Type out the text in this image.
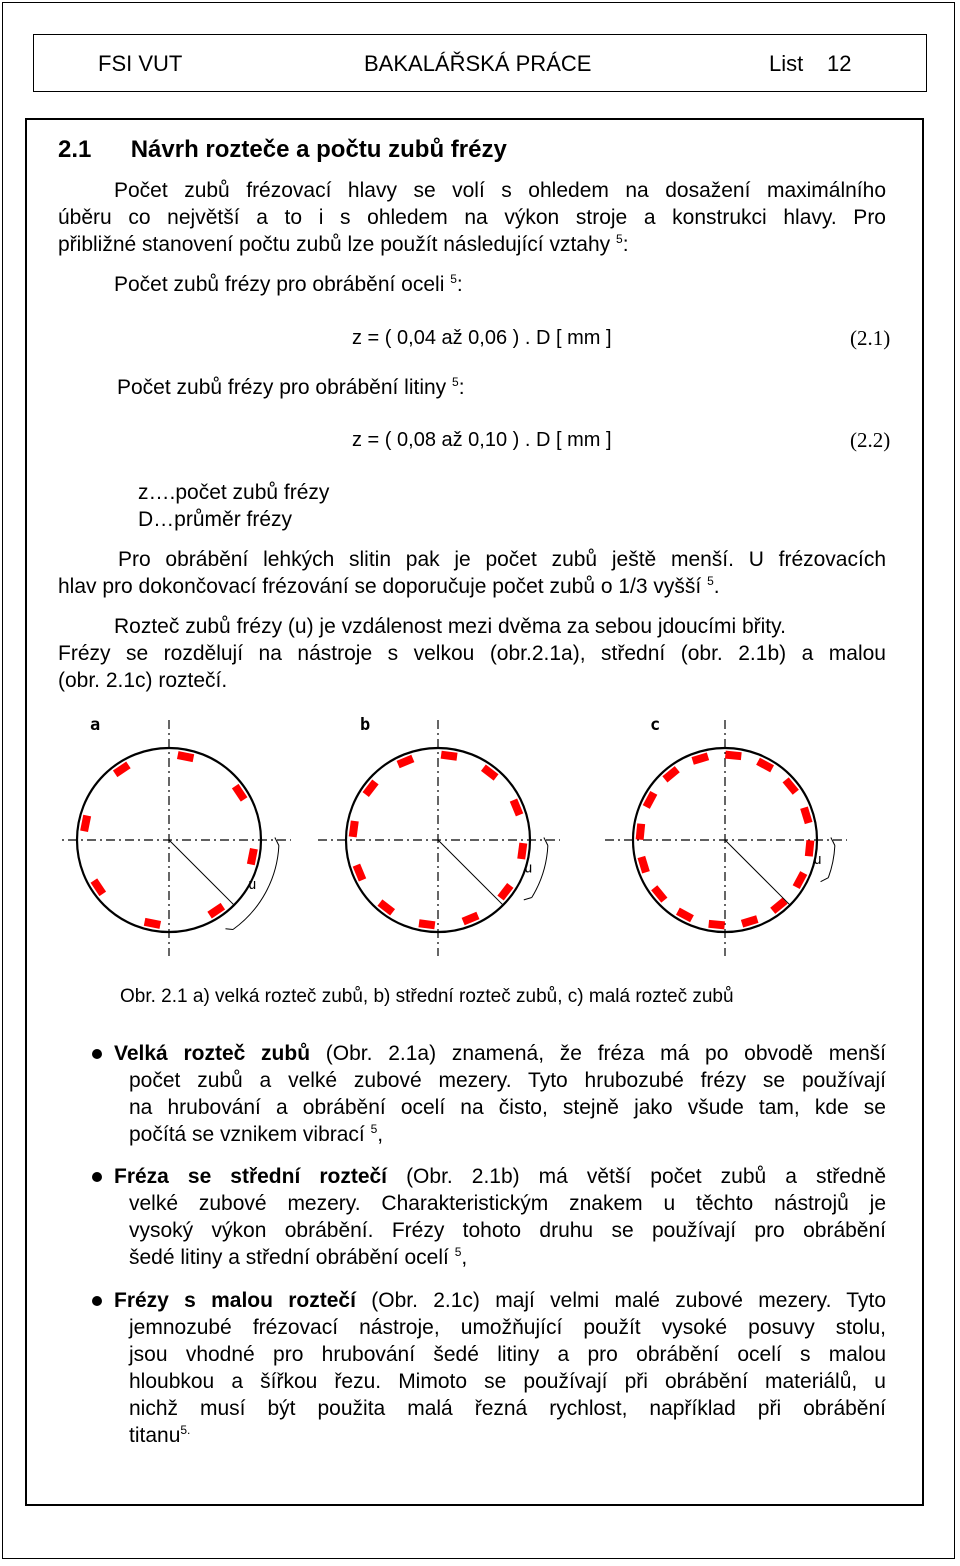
FSI VUT	BAKALÁŘSKÁ PRÁCE	List 12
2.1 Návrh rozteče a počtu zubů frézy
Počet zubů frézovací hlavy se volí s ohledem na dosažení maximálního
úběru co největší a to i s ohledem na výkon stroje a konstrukci hlavy. Pro
přibližné stanovení počtu zubů lze použít následující vztahy $^5$:
Počet zubů frézy pro obrábění oceli $^5$:
z = ( 0,04 až 0,06 ) . D [ mm ]	(2.1)
Počet zubů frézy pro obrábění litiny $^5$:
z = ( 0,08 až 0,10 ) . D [ mm ]	(2.2)
z….počet zubů frézy
D…průměr frézy
Pro obrábění lehkých slitin pak je počet zubů ještě menší. U frézovacích
hlav pro dokončovací frézování se doporučuje počet zubů o 1/3 vyšší $^5$.
Rozteč zubů frézy (u) je vzdálenost mezi dvěma za sebou jdoucími břity.
Frézy se rozdělují na nástroje s velkou (obr.2.1a), střední (obr. 2.1b) a malou
(obr. 2.1c) roztečí.
u
u
u
a	b	c
Obr. 2.1 a) velká rozteč zubů, b) střední rozteč zubů, c) malá rozteč zubů
Velká rozteč zubů (Obr. 2.1a) znamená, že fréza má po obvodě menší
počet zubů a velké zubové mezery. Tyto hrubozubé frézy se používají
na hrubování a obrábění ocelí na čisto, stejně jako všude tam, kde se
počítá se vznikem vibrací $^5$,
Fréza se střední roztečí (Obr. 2.1b) má větší počet zubů a středně
velké zubové mezery. Charakteristickým znakem u těchto nástrojů je
vysoký výkon obrábění. Frézy tohoto druhu se používají pro obrábění
šedé litiny a střední obrábění ocelí $^5$,
Frézy s malou roztečí (Obr. 2.1c) mají velmi malé zubové mezery. Tyto
jemnozubé frézovací nástroje, umožňující použít vysoké posuvy stolu,
jsou vhodné pro hrubování šedé litiny a pro obrábění ocelí s malou
hloubkou a šířkou řezu. Mimoto se používají při obrábění materiálů, u
nichž musí být použita malá řezná rychlost, například při obrábění
titanu$^{5.}$
